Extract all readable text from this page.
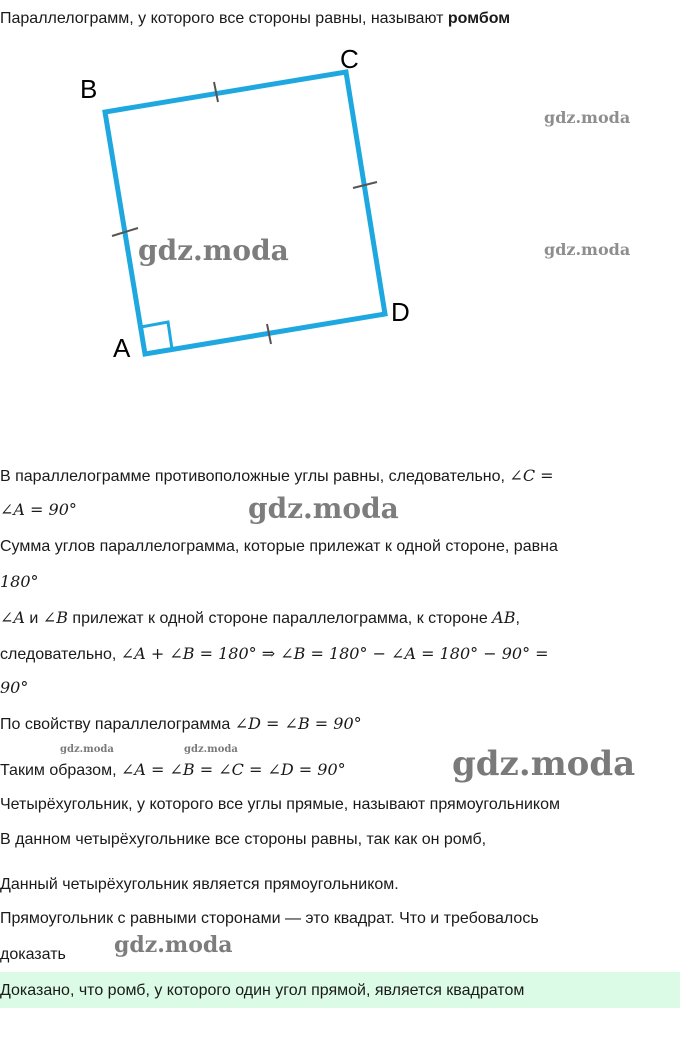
Параллелограмм, у которого все стороны равны, называют ромбом
B
C
D
A
gdz.moda
gdz.moda	gdz.moda
gdz.moda
gdz.moda	gdz.moda	gdz.moda
gdz.moda
В параллелограмме противоположные углы равны, следовательно, ∠C =
∠A = 90°
Сумма углов параллелограмма, которые прилежат к одной стороне, равна
180°
∠A и ∠B прилежат к одной стороне параллелограмма, к стороне AB,
следовательно, ∠A + ∠B = 180° ⇒ ∠B = 180° − ∠A = 180° − 90° =
90°
По свойству параллелограмма ∠D = ∠B = 90°
Таким образом, ∠A = ∠B = ∠C = ∠D = 90°
Четырёхугольник, у которого все углы прямые, называют прямоугольником
В данном четырёхугольнике все стороны равны, так как он ромб,
Данный четырёхугольник является прямоугольником.
Прямоугольник с равными сторонами — это квадрат. Что и требовалось
доказать
Доказано, что ромб, у которого один угол прямой, является квадратом
